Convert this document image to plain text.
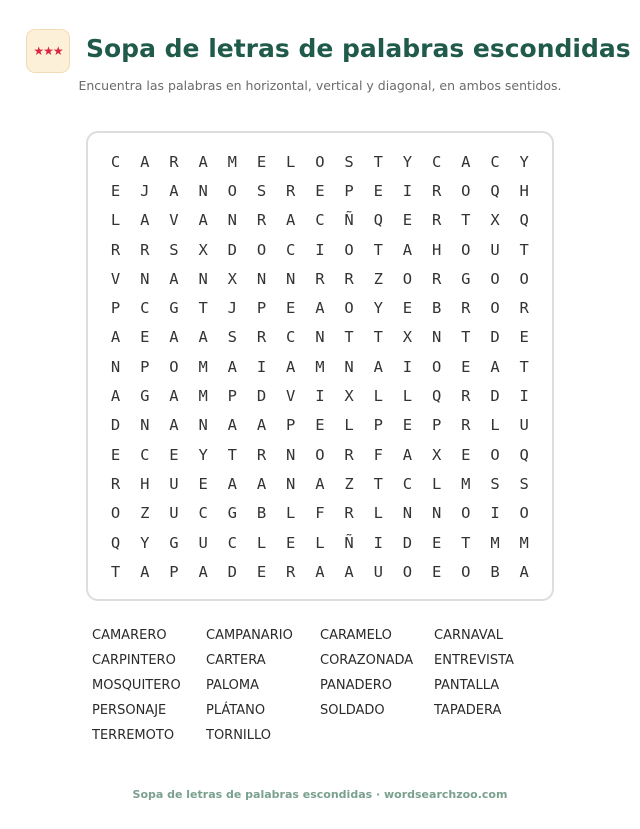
★★★ Sopa de letras de palabras escondidas
Encuentra las palabras en horizontal, vertical y diagonal, en ambos sentidos.
C	A	R	A	M	E	L	O	S	T	Y	C	A	C	Y
E	J	A	N	O	S	R	E	P	E	I	R	O	Q	H
L	A	V	A	N	R	A	C	Ñ	Q	E	R	T	X	Q
R	R	S	X	D	O	C	I	O	T	A	H	O	U	T
V	N	A	N	X	N	N	R	R	Z	O	R	G	O	O
P	C	G	T	J	P	E	A	O	Y	E	B	R	O	R
A	E	A	A	S	R	C	N	T	T	X	N	T	D	E
N	P	O	M	A	I	A	M	N	A	I	O	E	A	T
A	G	A	M	P	D	V	I	X	L	L	Q	R	D	I
D	N	A	N	A	A	P	E	L	P	E	P	R	L	U
E	C	E	Y	T	R	N	O	R	F	A	X	E	O	Q
R	H	U	E	A	A	N	A	Z	T	C	L	M	S	S
O	Z	U	C	G	B	L	F	R	L	N	N	O	I	O
Q	Y	G	U	C	L	E	L	Ñ	I	D	E	T	M	M
T	A	P	A	D	E	R	A	A	U	O	E	O	B	A
CAMARERO	CAMPANARIO	CARAMELO	CARNAVAL
CARPINTERO	CARTERA	CORAZONADA	ENTREVISTA
MOSQUITERO	PALOMA	PANADERO	PANTALLA
PERSONAJE	PLÁTANO	SOLDADO	TAPADERA
TERREMOTO	TORNILLO
Sopa de letras de palabras escondidas · wordsearchzoo.com
